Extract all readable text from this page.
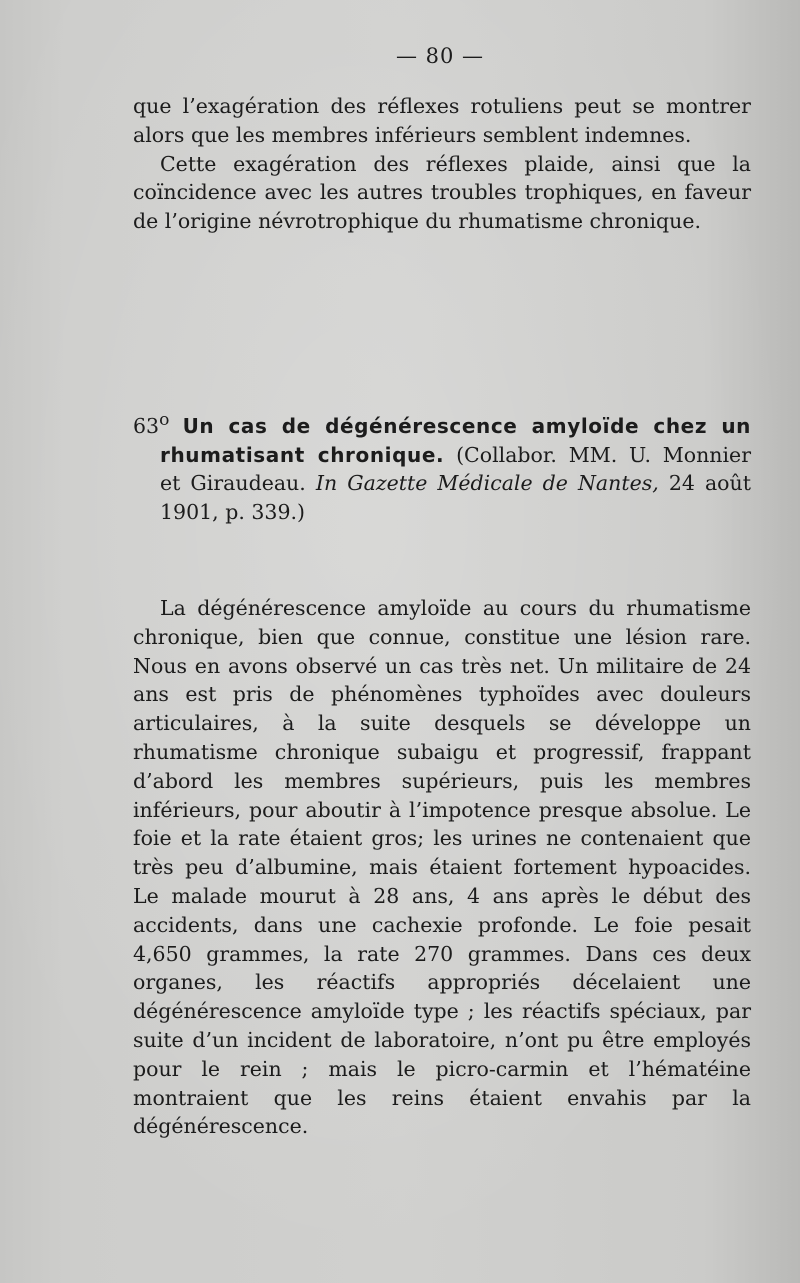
— 80 —

que l’exagération des réflexes rotuliens peut se montrer alors que les membres inférieurs semblent indemnes.

Cette exagération des réflexes plaide, ainsi que la coïncidence avec les autres troubles trophiques, en faveur de l’origine névrotrophique du rhumatisme chronique.

63$^o$ Un cas de dégénérescence amyloïde chez un rhumatisant chronique. (Collabor. MM. U. Monnier et Giraudeau. In Gazette Médicale de Nantes, 24 août 1901, p. 339.)

La dégénérescence amyloïde au cours du rhumatisme chronique, bien que connue, constitue une lésion rare. Nous en avons observé un cas très net. Un militaire de 24 ans est pris de phénomènes typhoïdes avec douleurs articulaires, à la suite desquels se développe un rhumatisme chronique subaigu et progressif, frappant d’abord les membres supérieurs, puis les membres inférieurs, pour aboutir à l’impotence presque absolue. Le foie et la rate étaient gros; les urines ne contenaient que très peu d’albumine, mais étaient fortement hypoacides. Le malade mourut à 28 ans, 4 ans après le début des accidents, dans une cachexie profonde. Le foie pesait 4,650 grammes, la rate 270 grammes. Dans ces deux organes, les réactifs appropriés décelaient une dégénérescence amyloïde type ; les réactifs spéciaux, par suite d’un incident de laboratoire, n’ont pu être employés pour le rein ; mais le picro-carmin et l’hématéine montraient que les reins étaient envahis par la dégénérescence.
